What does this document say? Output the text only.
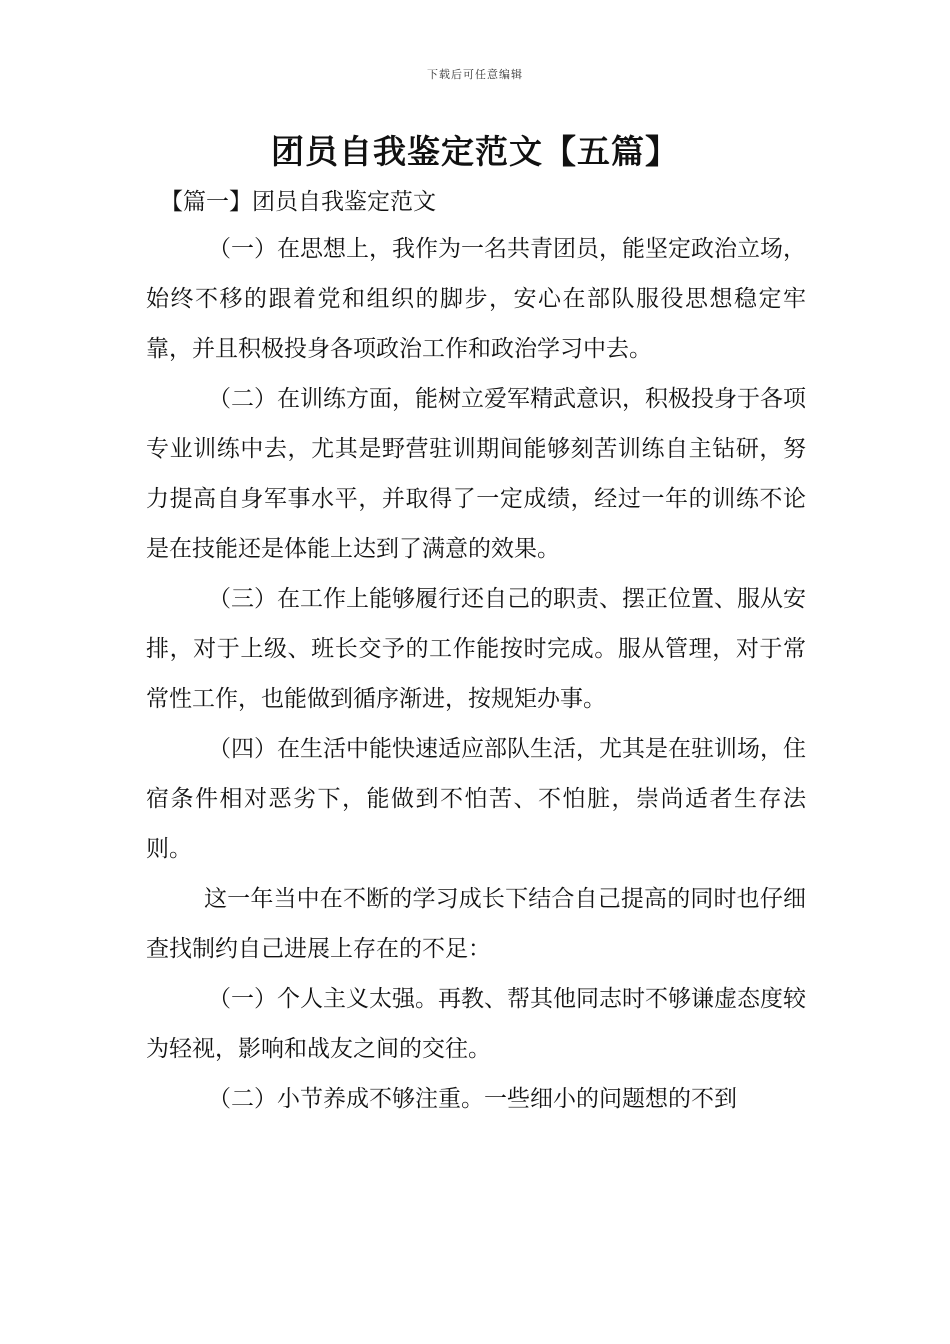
下载后可任意编辑
团员自我鉴定范文【五篇】
【篇一】团员自我鉴定范文

（一）在思想上，我作为一名共青团员，能坚定政治立场，始终不移的跟着党和组织的脚步，安心在部队服役思想稳定牢靠，并且积极投身各项政治工作和政治学习中去。

（二）在训练方面，能树立爱军精武意识，积极投身于各项专业训练中去，尤其是野营驻训期间能够刻苦训练自主钻研，努力提高自身军事水平，并取得了一定成绩，经过一年的训练不论是在技能还是体能上达到了满意的效果。

（三）在工作上能够履行还自己的职责、摆正位置、服从安排，对于上级、班长交予的工作能按时完成。服从管理，对于常常性工作，也能做到循序渐进，按规矩办事。

（四）在生活中能快速适应部队生活，尤其是在驻训场，住宿条件相对恶劣下，能做到不怕苦、不怕脏，崇尚适者生存法则。

这一年当中在不断的学习成长下结合自己提高的同时也仔细查找制约自己进展上存在的不足：

（一）个人主义太强。再教、帮其他同志时不够谦虚态度较为轻视，影响和战友之间的交往。

（二）小节养成不够注重。一些细小的问题想的不到
